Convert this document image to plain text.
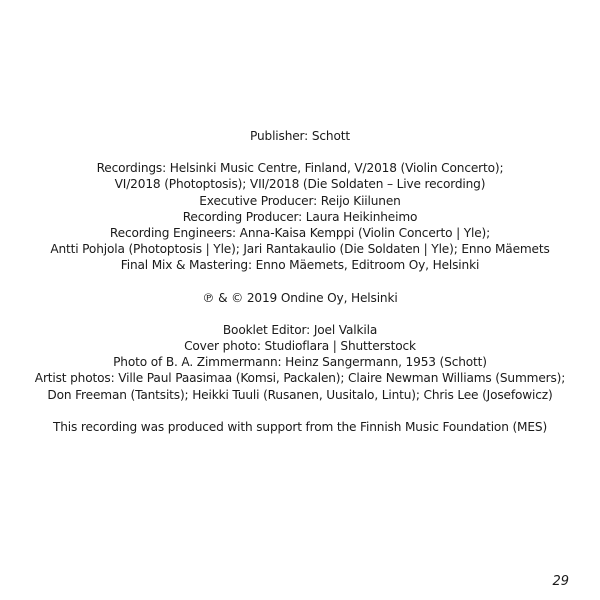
Publisher: Schott
Recordings: Helsinki Music Centre, Finland, V/2018 (Violin Concerto);
VI/2018 (Photoptosis); VII/2018 (Die Soldaten – Live recording)
Executive Producer: Reijo Kiilunen
Recording Producer: Laura Heikinheimo
Recording Engineers: Anna-Kaisa Kemppi (Violin Concerto | Yle);
Antti Pohjola (Photoptosis | Yle); Jari Rantakaulio (Die Soldaten | Yle); Enno Mäemets
Final Mix & Mastering: Enno Mäemets, Editroom Oy, Helsinki
℗ & © 2019 Ondine Oy, Helsinki
Booklet Editor: Joel Valkila
Cover photo: Studioflara | Shutterstock
Photo of B. A. Zimmermann: Heinz Sangermann, 1953 (Schott)
Artist photos: Ville Paul Paasimaa (Komsi, Packalen); Claire Newman Williams (Summers);
Don Freeman (Tantsits); Heikki Tuuli (Rusanen, Uusitalo, Lintu); Chris Lee (Josefowicz)
This recording was produced with support from the Finnish Music Foundation (MES)
29
